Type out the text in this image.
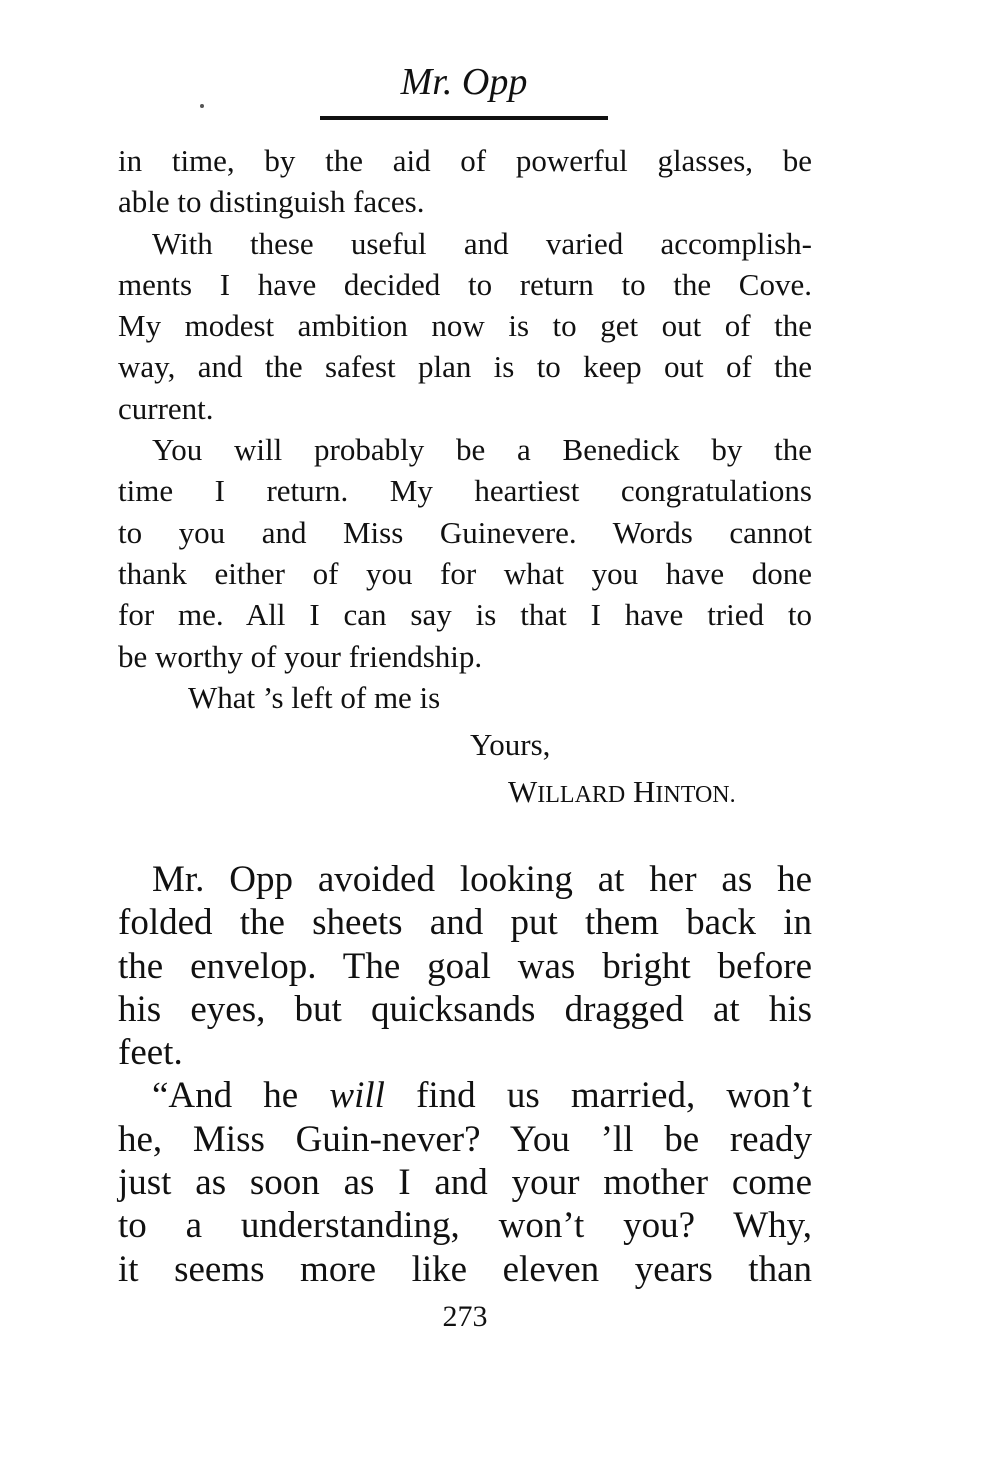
Mr. Opp
in time, by the aid of powerful glasses, be
able to distinguish faces.
With these useful and varied accomplish-
ments I have decided to return to the Cove.
My modest ambition now is to get out of the
way, and the safest plan is to keep out of the
current.
You will probably be a Benedick by the
time I return. My heartiest congratulations
to you and Miss Guinevere. Words cannot
thank either of you for what you have done
for me. All I can say is that I have tried to
be worthy of your friendship.
What ’s left of me is
Yours,
WILLARD HINTON.
Mr. Opp avoided looking at her as he
folded the sheets and put them back in
the envelop. The goal was bright before
his eyes, but quicksands dragged at his
feet.
“And he will find us married, won’t
he, Miss Guin-never? You ’ll be ready
just as soon as I and your mother come
to a understanding, won’t you? Why,
it seems more like eleven years than
273
